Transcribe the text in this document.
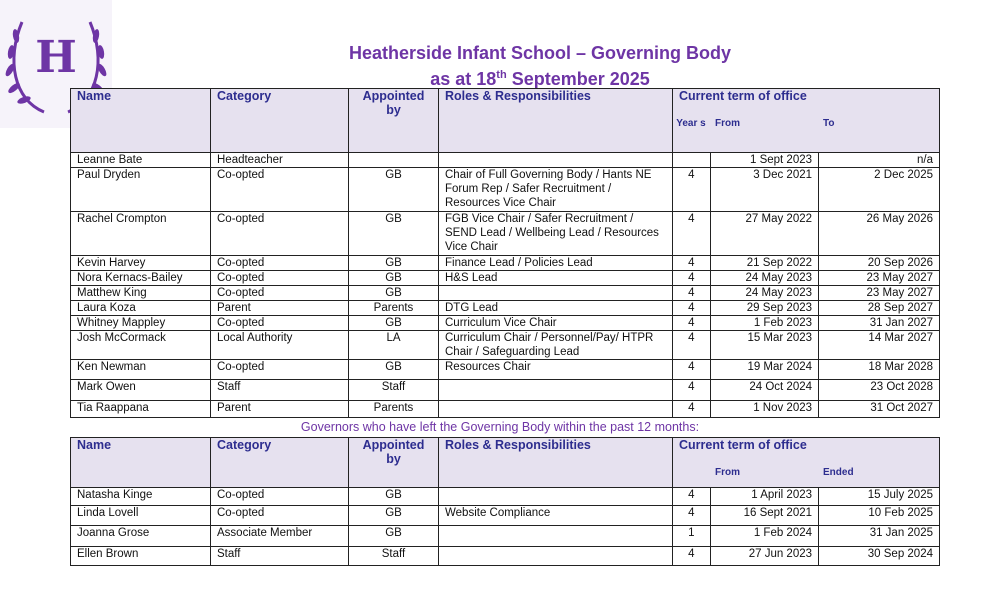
H	Heatherside Infant School – Governing Body
as at 18th September 2025
Name	Category	Appointed by	Roles & Responsibilities	Current term of office
Year s From To		

Leanne Bate	Headteacher				1 Sept 2023	n/a
Paul Dryden	Co-opted	GB	Chair of Full Governing Body / Hants NE Forum Rep / Safer Recruitment / Resources Vice Chair	4	3 Dec 2021	2 Dec 2025
Rachel Crompton	Co-opted	GB	FGB Vice Chair / Safer Recruitment / SEND Lead / Wellbeing Lead / Resources Vice Chair	4	27 May 2022	26 May 2026
Kevin Harvey	Co-opted	GB	Finance Lead / Policies Lead	4	21 Sep 2022	20 Sep 2026
Nora Kernacs-Bailey	Co-opted	GB	H&S Lead	4	24 May 2023	23 May 2027
Matthew King	Co-opted	GB		4	24 May 2023	23 May 2027
Laura Koza	Parent	Parents	DTG Lead	4	29 Sep 2023	28 Sep 2027
Whitney Mappley	Co-opted	GB	Curriculum Vice Chair	4	1 Feb 2023	31 Jan 2027
Josh McCormack	Local Authority	LA	Curriculum Chair / Personnel/Pay/ HTPR Chair / Safeguarding Lead	4	15 Mar 2023	14 Mar 2027
Ken Newman	Co-opted	GB	Resources Chair	4	19 Mar 2024	18 Mar 2028
Mark Owen	Staff	Staff		4	24 Oct 2024	23 Oct 2028
Tia Raappana	Parent	Parents		4	1 Nov 2023	31 Oct 2027
Governors who have left the Governing Body within the past 12 months:
Name	Category	Appointed by	Roles & Responsibilities	Current term of office
From Ended		

Natasha Kinge	Co-opted	GB		4	1 April 2023	15 July 2025
Linda Lovell	Co-opted	GB	Website Compliance	4	16 Sept 2021	10 Feb 2025
Joanna Grose	Associate Member	GB		1	1 Feb 2024	31 Jan 2025
Ellen Brown	Staff	Staff		4	27 Jun 2023	30 Sep 2024
